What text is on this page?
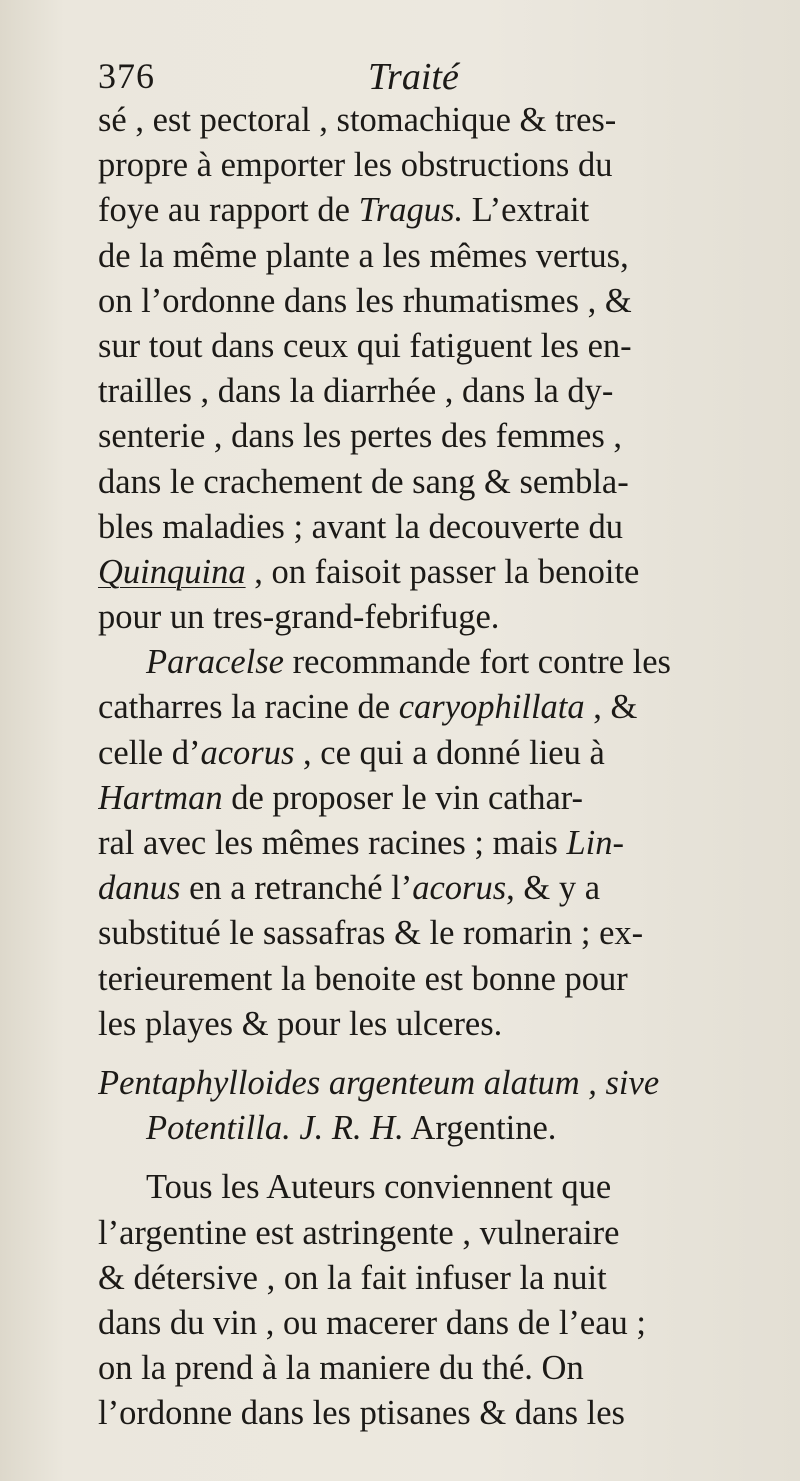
376	Traité
sé , est pectoral , stomachique & tres-
propre à emporter les obstructions du
foye au rapport de Tragus. L’extrait
de la même plante a les mêmes vertus,
on l’ordonne dans les rhumatismes , &
sur tout dans ceux qui fatiguent les en-
trailles , dans la diarrhée , dans la dy-
senterie , dans les pertes des femmes ,
dans le crachement de sang & sembla-
bles maladies ; avant la decouverte du
Quinquina , on faisoit passer la benoite
pour un tres-grand-febrifuge.
Paracelse recommande fort contre les
catharres la racine de caryophillata , &
celle d’acorus , ce qui a donné lieu à
Hartman de proposer le vin cathar-
ral avec les mêmes racines ; mais Lin-
danus en a retranché l’acorus, & y a
substitué le sassafras & le romarin ; ex-
terieurement la benoite est bonne pour
les playes & pour les ulceres.
Pentaphylloides argenteum alatum , sive
Potentilla. J. R. H. Argentine.
Tous les Auteurs conviennent que
l’argentine est astringente , vulneraire
& détersive , on la fait infuser la nuit
dans du vin , ou macerer dans de l’eau ;
on la prend à la maniere du thé. On
l’ordonne dans les ptisanes & dans les
